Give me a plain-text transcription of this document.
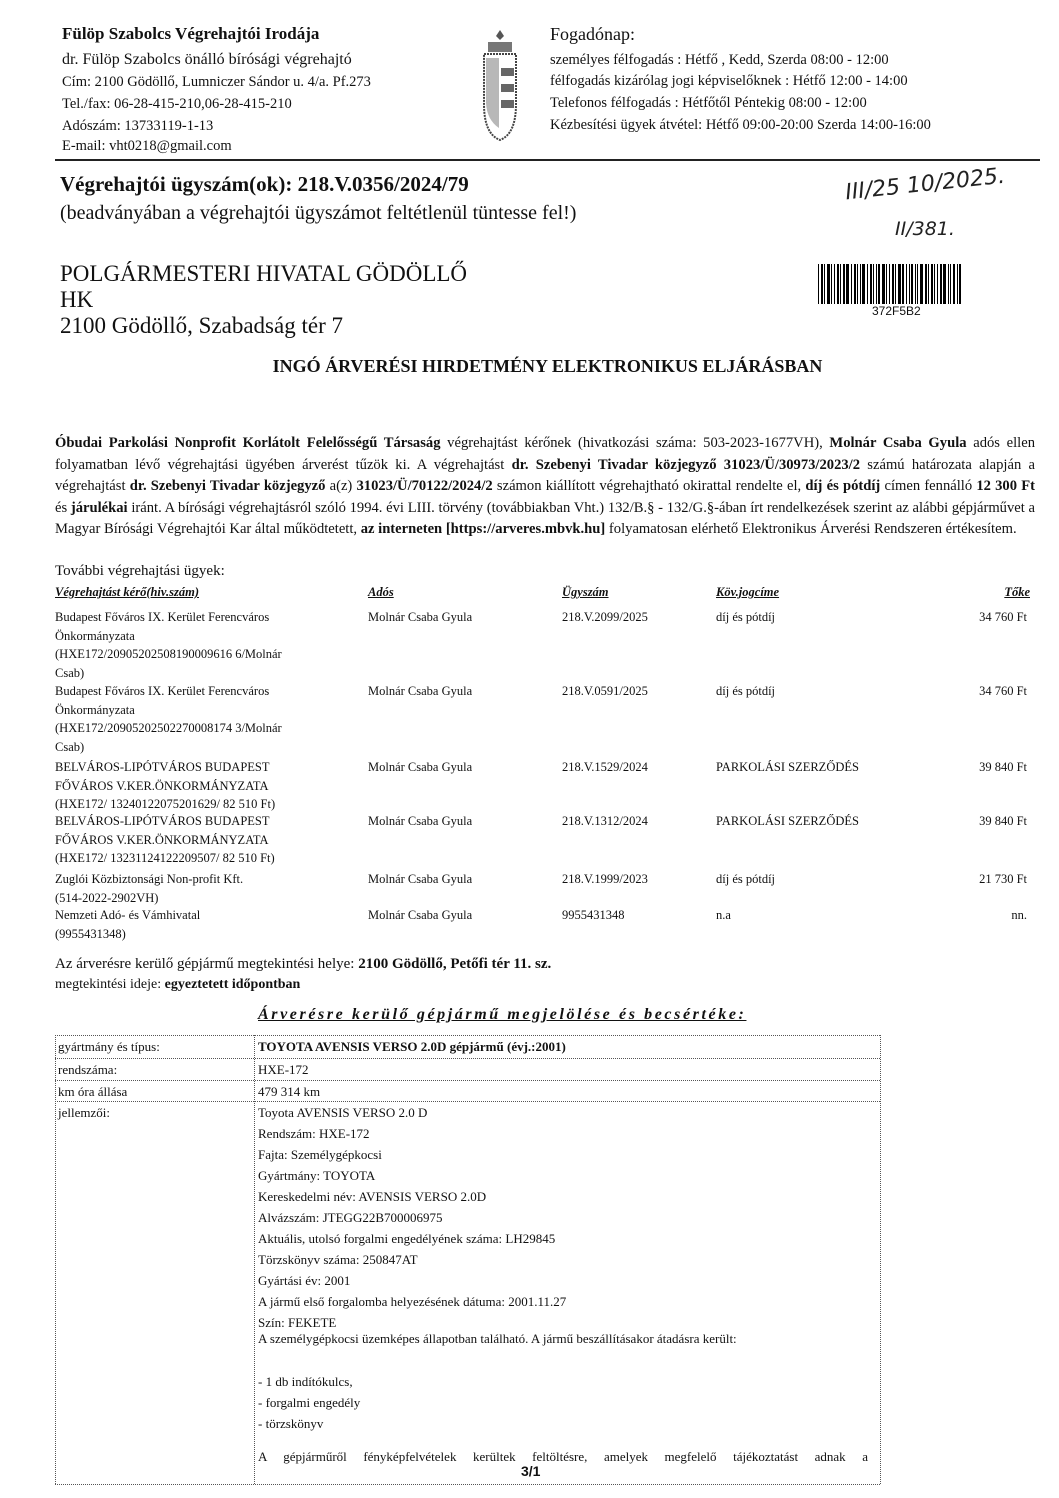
Fülöp Szabolcs Végrehajtói Irodája
dr. Fülöp Szabolcs önálló bírósági végrehajtó
Cím: 2100 Gödöllő, Lumniczer Sándor u. 4/a. Pf.273
Tel./fax: 06-28-415-210,06-28-415-210
Adószám: 13733119-1-13
E-mail: vht0218@gmail.com
Fogadónap:
személyes félfogadás : Hétfő , Kedd, Szerda 08:00 - 12:00
félfogadás kizárólag jogi képviselőknek : Hétfő 12:00 - 14:00
Telefonos félfogadás : Hétfőtől Péntekig 08:00 - 12:00
Kézbesítési ügyek átvétel: Hétfő 09:00-20:00 Szerda 14:00-16:00
Végrehajtói ügyszám(ok): 218.V.0356/2024/79
(beadványában a végrehajtói ügyszámot feltétlenül tüntesse fel!)
III/25 10/2025.
II/381.
POLGÁRMESTERI HIVATAL GÖDÖLLŐ
HK
2100 Gödöllő, Szabadság tér 7
372F5B2
INGÓ ÁRVERÉSI HIRDETMÉNY ELEKTRONIKUS ELJÁRÁSBAN
Óbudai Parkolási Nonprofit Korlátolt Felelősségű Társaság végrehajtást kérőnek (hivatkozási száma: 503-2023-1677VH), Molnár Csaba Gyula adós ellen folyamatban lévő végrehajtási ügyében árverést tűzök ki. A végrehajtást dr. Szebenyi Tivadar közjegyző 31023/Ü/30973/2023/2 számú határozata alapján a végrehajtást dr. Szebenyi Tivadar közjegyző a(z) 31023/Ü/70122/2024/2 számon kiállított végrehajtható okirattal rendelte el, díj és pótdíj címen fennálló 12 300 Ft és járulékai iránt. A bírósági végrehajtásról szóló 1994. évi LIII. törvény (továbbiakban Vht.) 132/B.§ - 132/G.§-ában írt rendelkezések szerint az alábbi gépjárművet a Magyar Bírósági Végrehajtói Kar által működtetett, az interneten [https://arveres.mbvk.hu] folyamatosan elérhető Elektronikus Árverési Rendszeren értékesítem.
További végrehajtási ügyek:
Végrehajtást kérő(hiv.szám)	Adós	Ügyszám	Köv.jogcíme	Tőke
Budapest Főváros IX. Kerület Ferencváros
Önkormányzata
(HXE172/20905202508190009616 6/Molnár
Csab)
Molnár Csaba Gyula	218.V.2099/2025	díj és pótdíj	34 760 Ft
Budapest Főváros IX. Kerület Ferencváros
Önkormányzata
(HXE172/20905202502270008174 3/Molnár
Csab)
Molnár Csaba Gyula	218.V.0591/2025	díj és pótdíj	34 760 Ft
BELVÁROS-LIPÓTVÁROS BUDAPEST
FŐVÁROS V.KER.ÖNKORMÁNYZATA
(HXE172/ 13240122075201629/ 82 510 Ft)
Molnár Csaba Gyula	218.V.1529/2024	PARKOLÁSI SZERZŐDÉS	39 840 Ft
BELVÁROS-LIPÓTVÁROS BUDAPEST
FŐVÁROS V.KER.ÖNKORMÁNYZATA
(HXE172/ 13231124122209507/ 82 510 Ft)
Molnár Csaba Gyula	218.V.1312/2024	PARKOLÁSI SZERZŐDÉS	39 840 Ft
Zuglói Közbiztonsági Non-profit Kft.
(514-2022-2902VH)
Molnár Csaba Gyula	218.V.1999/2023	díj és pótdíj	21 730 Ft
Nemzeti Adó- és Vámhivatal
(9955431348)
Molnár Csaba Gyula	9955431348	n.a	nn.
Az árverésre kerülő gépjármű megtekintési helye: 2100 Gödöllő, Petőfi tér 11. sz.
megtekintési ideje: egyeztetett időpontban
Árverésre kerülő gépjármű megjelölése és becsértéke:
gyártmány és típus:	TOYOTA AVENSIS VERSO 2.0D gépjármű (évj.:2001)
rendszáma:	HXE-172
km óra állása	479 314 km
jellemzői:	Toyota AVENSIS VERSO 2.0 D
Rendszám: HXE-172
Fajta: Személygépkocsi
Gyártmány: TOYOTA
Kereskedelmi név: AVENSIS VERSO 2.0D
Alvázszám: JTEGG22B700006975
Aktuális, utolsó forgalmi engedélyének száma: LH29845
Törzskönyv száma: 250847AT
Gyártási év: 2001
A jármű első forgalomba helyezésének dátuma: 2001.11.27
Szín: FEKETE
A személygépkocsi üzemképes állapotban található. A jármű beszállításakor átadásra került:
- 1 db indítókulcs,
- forgalmi engedély
- törzskönyv
A gépjárműről fényképfelvételek kerültek feltöltésre, amelyek megfelelő tájékoztatást adnak a
3/1
